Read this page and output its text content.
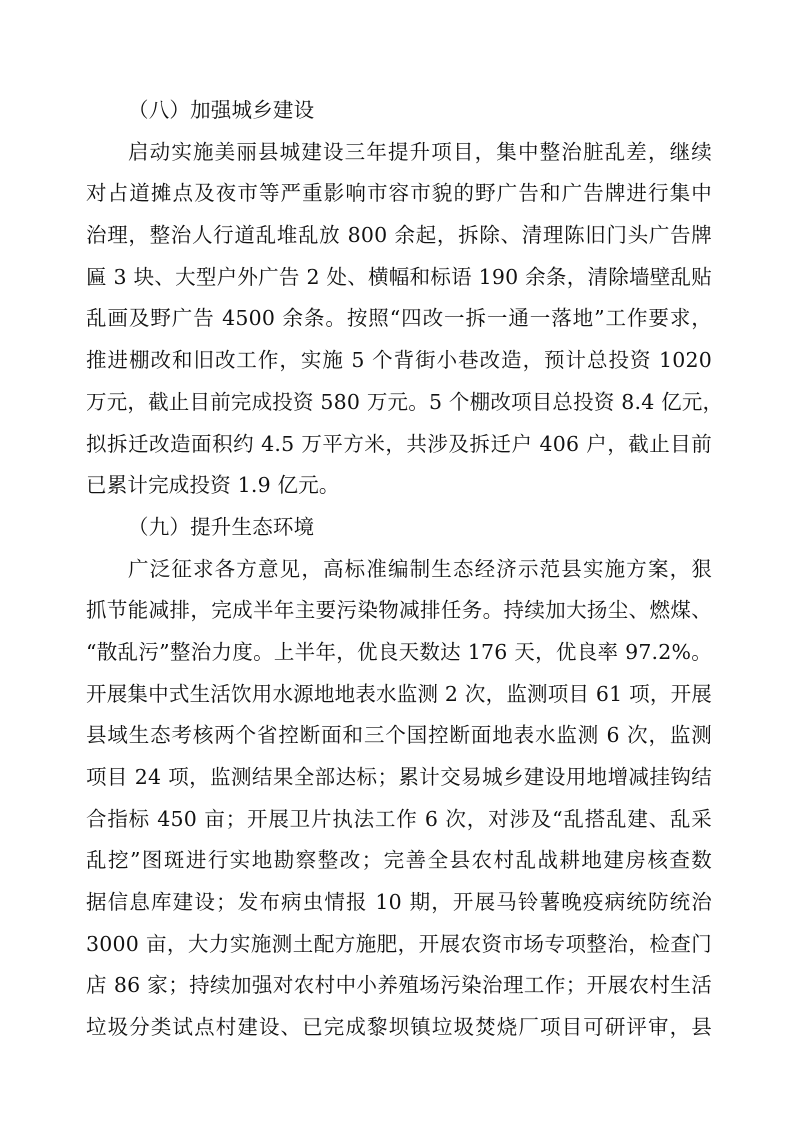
（八）加强城乡建设
启动实施美丽县城建设三年提升项目，集中整治脏乱差，继续
对占道摊点及夜市等严重影响市容市貌的野广告和广告牌进行集中
治理，整治人行道乱堆乱放 800 余起，拆除、清理陈旧门头广告牌
匾 3 块、大型户外广告 2 处、横幅和标语 190 余条，清除墙壁乱贴
乱画及野广告 4500 余条。按照“四改一拆一通一落地”工作要求，
推进棚改和旧改工作，实施 5 个背街小巷改造，预计总投资 1020
万元，截止目前完成投资 580 万元。5 个棚改项目总投资 8.4 亿元，
拟拆迁改造面积约 4.5 万平方米，共涉及拆迁户 406 户，截止目前
已累计完成投资 1.9 亿元。
（九）提升生态环境
广泛征求各方意见，高标准编制生态经济示范县实施方案，狠
抓节能减排，完成半年主要污染物减排任务。持续加大扬尘、燃煤、
“散乱污”整治力度。上半年，优良天数达 176 天，优良率 97.2%。
开展集中式生活饮用水源地地表水监测 2 次，监测项目 61 项，开展
县域生态考核两个省控断面和三个国控断面地表水监测 6 次，监测
项目 24 项，监测结果全部达标；累计交易城乡建设用地增减挂钩结
合指标 450 亩；开展卫片执法工作 6 次，对涉及“乱搭乱建、乱采
乱挖”图斑进行实地勘察整改；完善全县农村乱战耕地建房核查数
据信息库建设；发布病虫情报 10 期，开展马铃薯晚疫病统防统治
3000 亩，大力实施测土配方施肥，开展农资市场专项整治，检查门
店 86 家；持续加强对农村中小养殖场污染治理工作；开展农村生活
垃圾分类试点村建设、已完成黎坝镇垃圾焚烧厂项目可研评审，县
